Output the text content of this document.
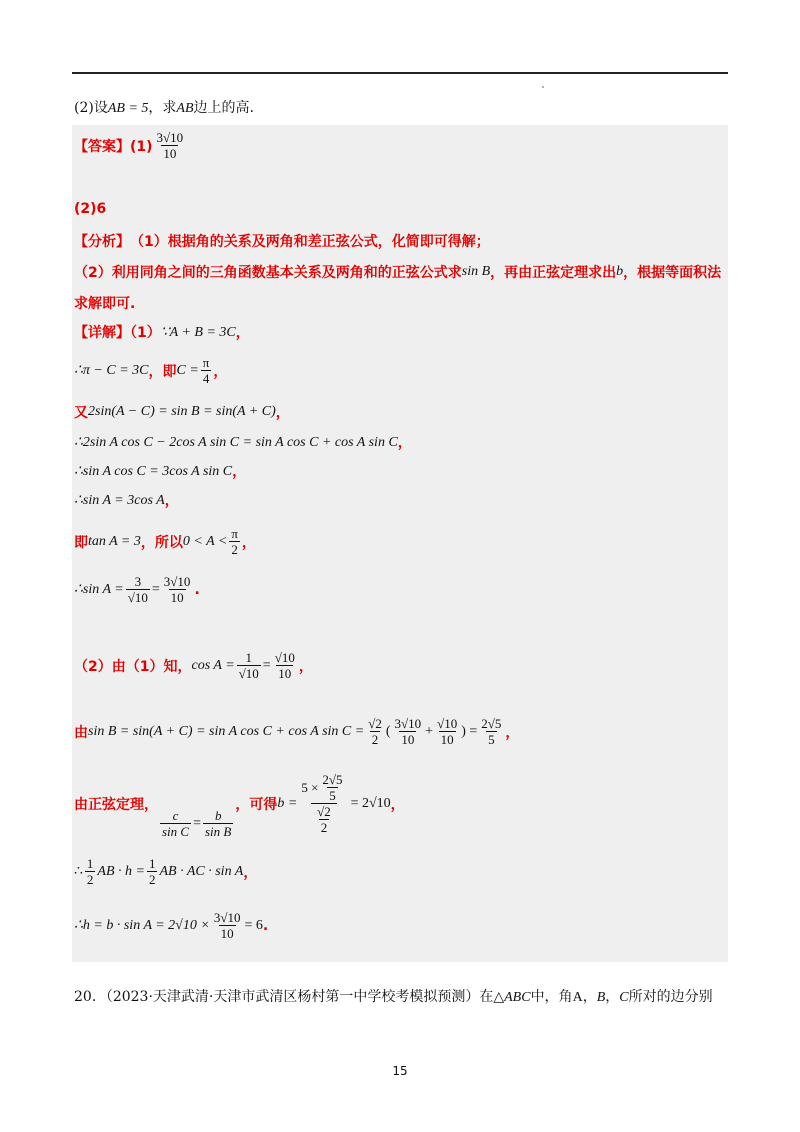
(2)设AB = 5，求AB边上的高.
【答案】$(1) \frac{3√10}{10}$
(2)6
【分析】 （1）根据角的关系及两角和差正弦公式，化简即可得解；
（2）利用同角之间的三角函数基本关系及两角和的正弦公式求 sin B ，再由正弦定理求出 b ，根据等面积法
求解即可.
【详解】（1） ∵A + B = 3C ，
∴π − C = 3C ，即 $C = \frac{\pi}{4}$ ，
又 2sin(A − C) = sin B = sin(A + C) ，
∴2sin A cos C − 2cos A sin C = sin A cos C + cos A sin C ，
∴sin A cos C = 3cos A sin C ，
∴sin A = 3cos A ，
即 tan A = 3 ，所以 $0 < A < \frac{\pi}{2}$ ，
∴sin $A = \frac{3}{√10} = \frac{3√10}{10}$ .
（2）由（1）知， $\cos A = \frac{1}{√10} = \frac{√10}{10}$ ，
由 sin B = sin(A + C) = sin A cos C + cos A $\sin C = \frac{√2}{2}$ ( $\frac{3√10}{10} + \frac{√10}{10}$ ) = $\frac{2√5}{5}$ ，
由正弦定理，
$\frac{c}{\text{sin C}} = \frac{b}{\text{sin B}}$
，可得 $b = \frac{5 \times \frac{2√5}{5}}{\frac{√2}{2}} = 2√10$ ，
∴ $\frac{1}{2}$ AB · $h = \frac{1}{2}$ AB · AC · sin A ，
∴h = $b \cdot \sin A = 2√10 \times \frac{3√10}{10} = 6$ .
20．（2023·天津武清·天津市武清区杨村第一中学校考模拟预测）在△ABC中，角A，B，C所对的边分别
15
